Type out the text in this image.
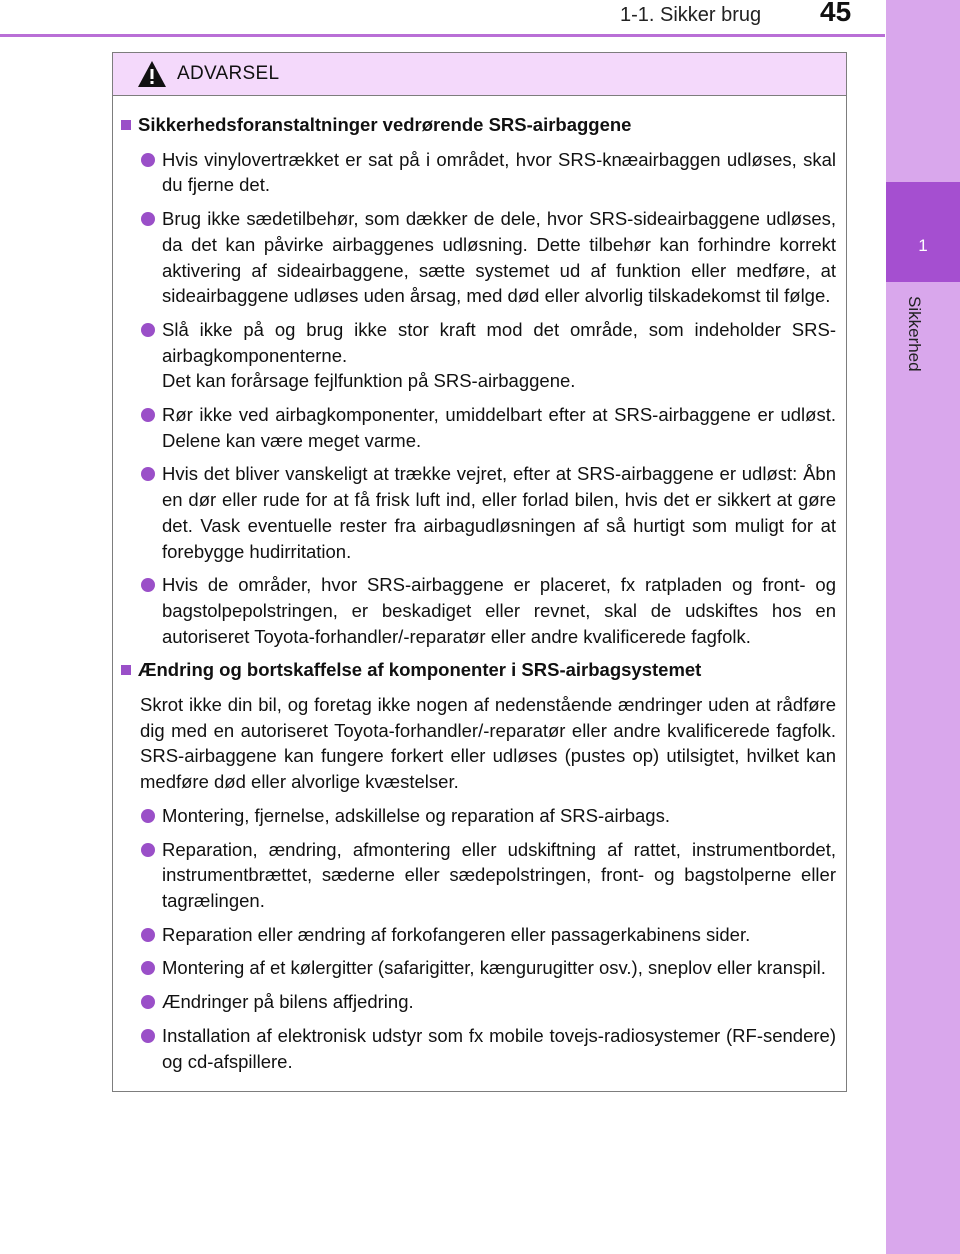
1-1. Sikker brug 45
1
Sikkerhed
ADVARSEL
Sikkerhedsforanstaltninger vedrørende SRS-airbaggene
Hvis vinylovertrækket er sat på i området, hvor SRS-knæairbaggen udløses, skal du fjerne det.
Brug ikke sædetilbehør, som dækker de dele, hvor SRS-sideairbaggene udløses, da det kan påvirke airbaggenes udløsning. Dette tilbehør kan forhindre korrekt aktivering af sideairbaggene, sætte systemet ud af funktion eller medføre, at sideairbaggene udløses uden årsag, med død eller alvorlig tilskadekomst til følge.
Slå ikke på og brug ikke stor kraft mod det område, som indeholder SRS-airbagkomponenterne.
Det kan forårsage fejlfunktion på SRS-airbaggene.
Rør ikke ved airbagkomponenter, umiddelbart efter at SRS-airbaggene er udløst. Delene kan være meget varme.
Hvis det bliver vanskeligt at trække vejret, efter at SRS-airbaggene er udløst: Åbn en dør eller rude for at få frisk luft ind, eller forlad bilen, hvis det er sikkert at gøre det. Vask eventuelle rester fra airbagudløsningen af så hurtigt som muligt for at forebygge hudirritation.
Hvis de områder, hvor SRS-airbaggene er placeret, fx ratpladen og front- og bagstolpepolstringen, er beskadiget eller revnet, skal de udskiftes hos en autoriseret Toyota-forhandler/-reparatør eller andre kvalificerede fagfolk.
Ændring og bortskaffelse af komponenter i SRS-airbagsystemet
Skrot ikke din bil, og foretag ikke nogen af nedenstående ændringer uden at rådføre dig med en autoriseret Toyota-forhandler/-reparatør eller andre kvalificerede fagfolk. SRS-airbaggene kan fungere forkert eller udløses (pustes op) utilsigtet, hvilket kan medføre død eller alvorlige kvæstelser.
Montering, fjernelse, adskillelse og reparation af SRS-airbags.
Reparation, ændring, afmontering eller udskiftning af rattet, instrumentbordet, instrumentbrættet, sæderne eller sædepolstringen, front- og bagstolperne eller tagrælingen.
Reparation eller ændring af forkofangeren eller passagerkabinens sider.
Montering af et kølergitter (safarigitter, kængurugitter osv.), sneplov eller kranspil.
Ændringer på bilens affjedring.
Installation af elektronisk udstyr som fx mobile tovejs-radiosystemer (RF-sendere) og cd-afspillere.
